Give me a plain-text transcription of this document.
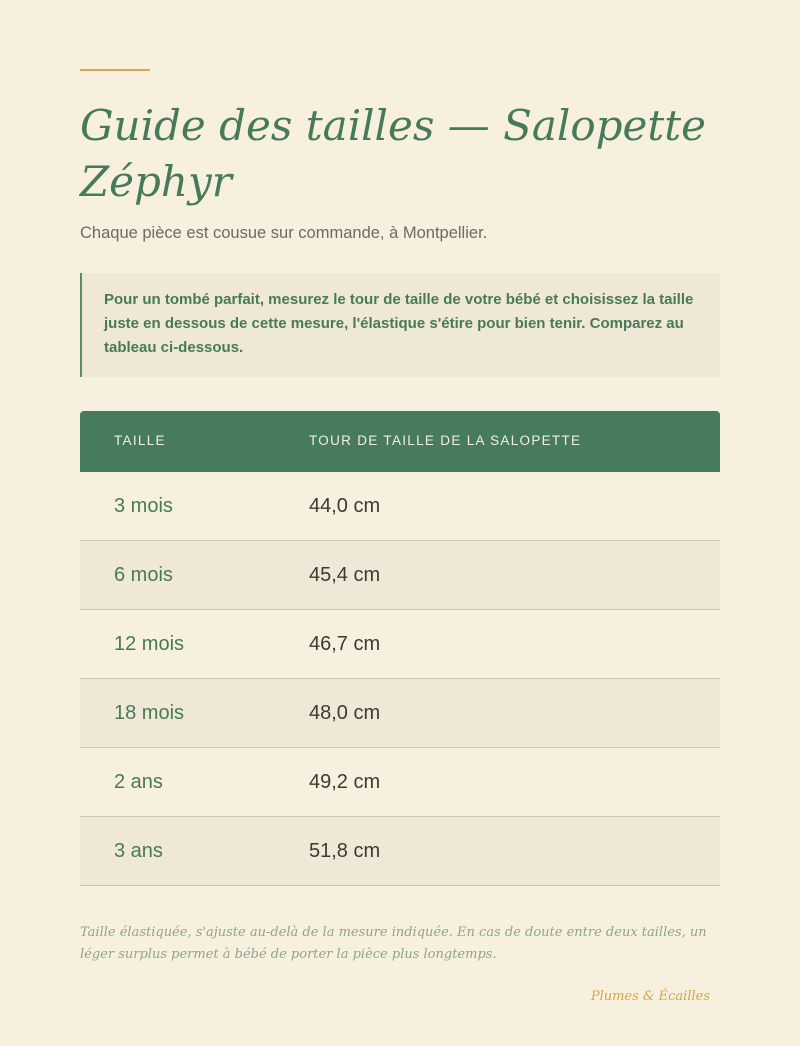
Guide des tailles — Salopette Zéphyr
Chaque pièce est cousue sur commande, à Montpellier.
Pour un tombé parfait, mesurez le tour de taille de votre bébé et choisissez la taille juste en dessous de cette mesure, l'élastique s'étire pour bien tenir. Comparez au tableau ci-dessous.
TAILLE	TOUR DE TAILLE DE LA SALOPETTE
3 mois	44,0 cm
6 mois	45,4 cm
12 mois	46,7 cm
18 mois	48,0 cm
2 ans	49,2 cm
3 ans	51,8 cm
Taille élastiquée, s'ajuste au-delà de la mesure indiquée. En cas de doute entre deux tailles, un léger surplus permet à bébé de porter la pièce plus longtemps.
Plumes & Écailles
